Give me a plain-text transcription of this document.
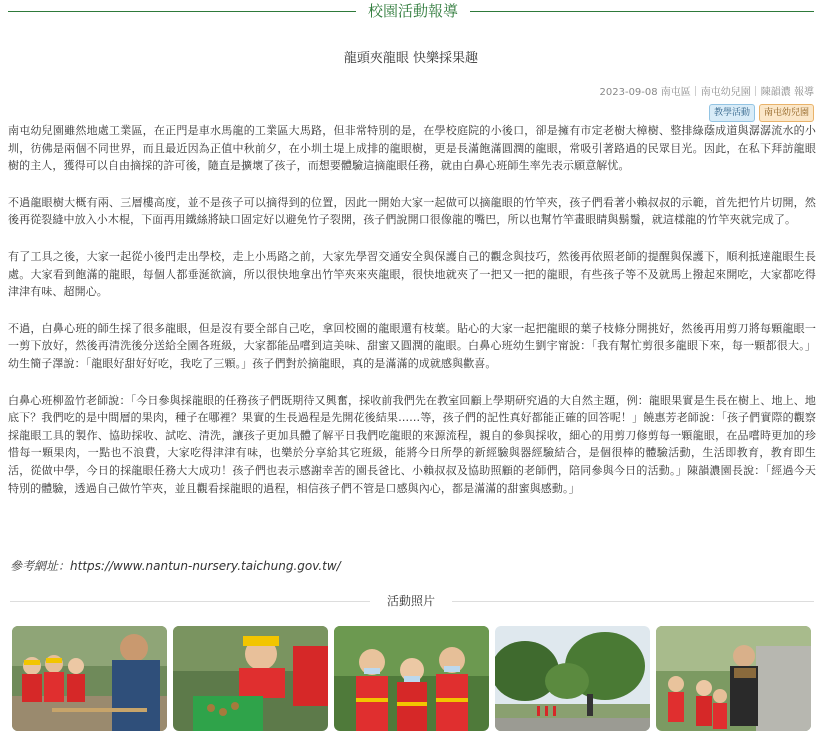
校園活動報導
龍頭夾龍眼 快樂採果趣
2023-09-08 南屯區｜南屯幼兒園｜陳韻濃 報導
教學活動	南屯幼兒園

南屯幼兒園雖然地處工業區，在正門是車水馬龍的工業區大馬路，但非常特別的是，在學校庭院的小後口，卻是擁有市定老樹大樟樹、整排綠蔭成道與潺潺流水的小圳，彷佛是兩個不同世界，而且最近因為正值中秋前夕，在小圳土堤上成排的龍眼樹，更是長滿飽滿圓潤的龍眼，常吸引著路過的民眾目光。因此，在私下拜訪龍眼樹的主人，獲得可以自由摘採的許可後，隨直是擴壞了孩子，而想要體驗這摘龍眼任務，就由白鼻心班師生率先表示願意解忧。

不過龍眼樹大概有兩、三層樓高度，並不是孩子可以摘得到的位置，因此一開始大家一起做可以摘龍眼的竹竿夾，孩子們看著小賴叔叔的示範，首先把竹片切開，然後再從裂縫中放入小木棍，下面再用鐵絲將缺口固定好以避免竹子裂開，孩子們說開口很像龍的嘴巴，所以也幫竹竿畫眼睛與鬍鬚，就這樣龍的竹竿夾就完成了。

有了工具之後，大家一起從小後門走出學校，走上小馬路之前，大家先學習交通安全與保護自己的觀念與技巧，然後再依照老師的提醒與保護下，順利抵達龍眼生長處。大家看到飽滿的龍眼，每個人都垂涎欲滴，所以很快地拿出竹竿夾來夾龍眼，很快地就夾了一把又一把的龍眼，有些孩子等不及就馬上撥起來開吃，大家都吃得津津有味、超開心。

不過，白鼻心班的師生採了很多龍眼，但是沒有要全部自己吃，拿回校園的龍眼還有枝葉。貼心的大家一起把龍眼的葉子枝條分開挑好，然後再用剪刀將每顆龍眼一一剪下放好，然後再清洗後分送給全園各班級，大家都能品嚐到這美味、甜蜜又圓潤的龍眼。白鼻心班幼生劉宇甯說：「我有幫忙剪很多龍眼下來，每一顆都很大。」幼生簡子澤說：「龍眼好甜好好吃，我吃了三顆。」孩子們對於摘龍眼，真的是滿滿的成就感與歡喜。

白鼻心班柳盈竹老師說：「今日參與採龍眼的任務孩子們既期待又興奮，採收前我們先在教室回顧上學期研究過的大自然主題，例：龍眼果實是生長在樹上、地上、地底下？我們吃的是中間層的果肉，種子在哪裡？果實的生長過程是先開花後結果……等，孩子們的記性真好都能正確的回答呢！」饒惠芳老師說：「孩子們實際的觀察採龍眼工具的製作、協助採收、試吃、清洗，讓孩子更加具體了解平日我們吃龍眼的來源流程，親自的參與採收，細心的用剪刀修剪每一顆龍眼，在品嚐時更加的珍惜每一顆果肉，一點也不浪費，大家吃得津津有味，也樂於分享給其它班級，能將今日所學的新經驗與器經驗結合，是個很棒的體驗活動，生活即教育，教育即生活，從做中學，今日的採龍眼任務大大成功！孩子們也表示感謝幸苦的園長爸比、小賴叔叔及協助照顧的老師們，陪同參與今日的活動。」陳韻濃園長說：「經過今天特別的體驗，透過自己做竹竿夾，並且觀看採龍眼的過程，相信孩子們不管是口感與內心，都是滿滿的甜蜜與感動。」

參考網址：https://www.nantun-nursery.taichung.gov.tw/
活動照片
